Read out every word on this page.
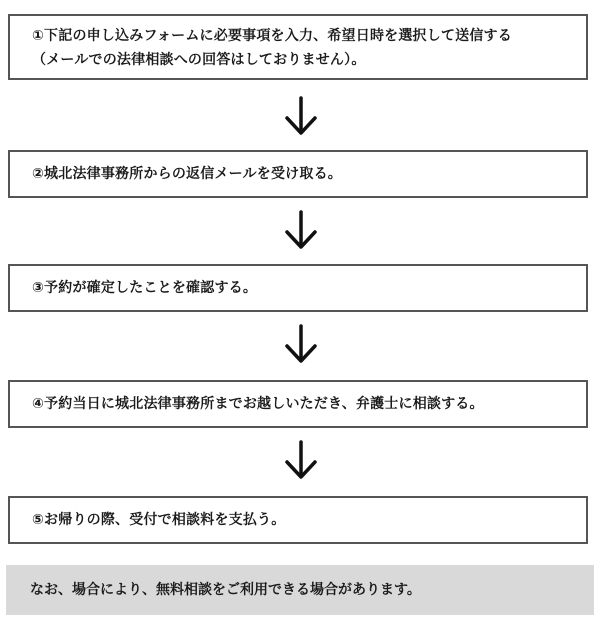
①下記の申し込みフォームに必要事項を入力、希望日時を選択して送信する
（メールでの法律相談への回答はしておりません）。
②城北法律事務所からの返信メールを受け取る。
③予約が確定したことを確認する。
④予約当日に城北法律事務所までお越しいただき、弁護士に相談する。
⑤お帰りの際、受付で相談料を支払う。
なお、場合により、無料相談をご利用できる場合があります。
